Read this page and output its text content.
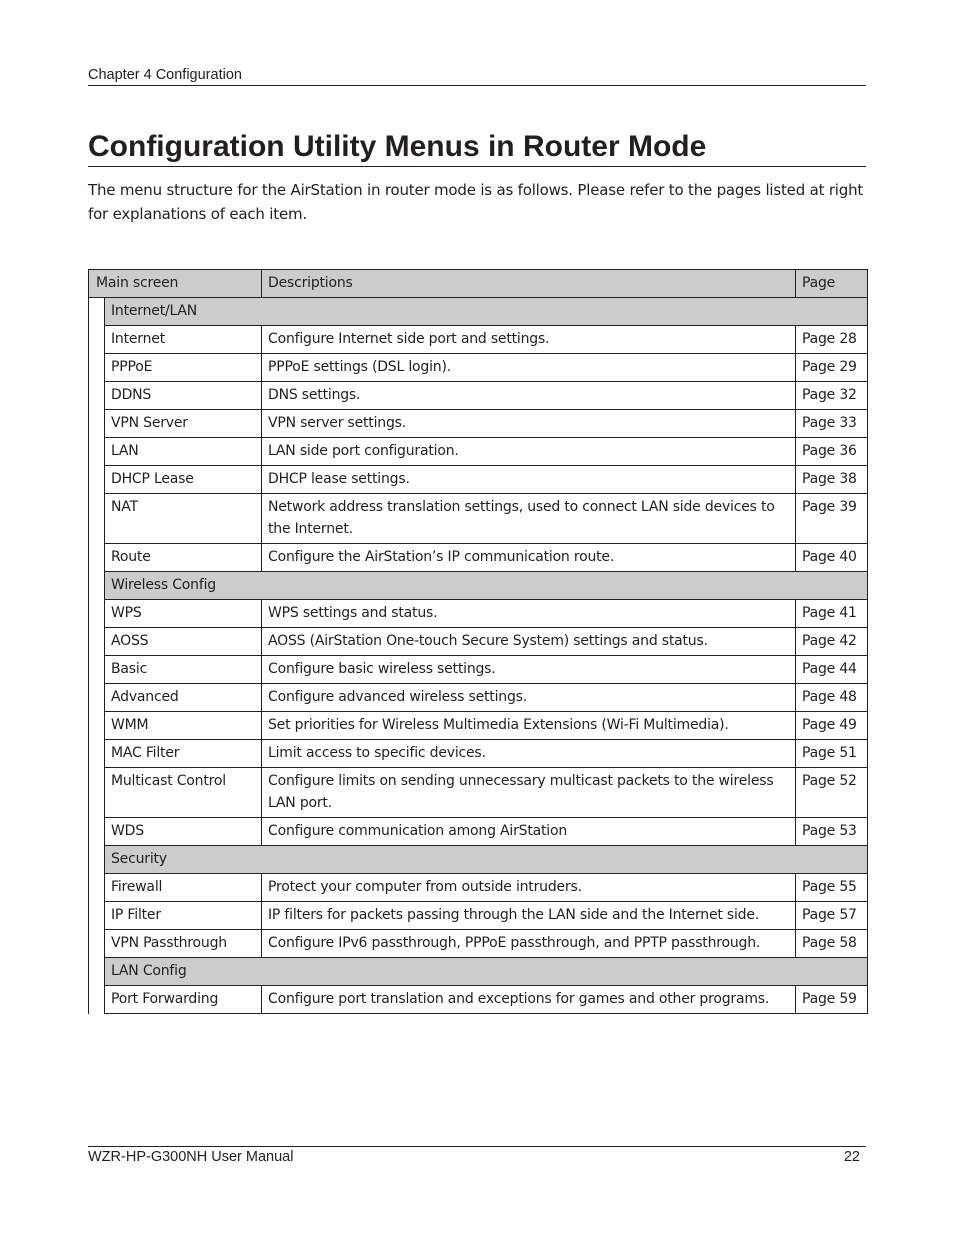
Chapter 4 Configuration
Configuration Utility Menus in Router Mode

The menu structure for the AirStation in router mode is as follows. Please refer to the pages listed at right for explanations of each item.

Main screen		Descriptions	Page
	Internet/LAN		
	Internet	Configure Internet side port and settings.	Page 28
	PPPoE	PPPoE settings (DSL login).	Page 29
	DDNS	DNS settings.	Page 32
	VPN Server	VPN server settings.	Page 33
	LAN	LAN side port configuration.	Page 36
	DHCP Lease	DHCP lease settings.	Page 38
	NAT	Network address translation settings, used to connect LAN side devices to the Internet.	Page 39
	Route	Configure the AirStation’s IP communication route.	Page 40
	Wireless Config		
	WPS	WPS settings and status.	Page 41
	AOSS	AOSS (AirStation One-touch Secure System) settings and status.	Page 42
	Basic	Configure basic wireless settings.	Page 44
	Advanced	Configure advanced wireless settings.	Page 48
	WMM	Set priorities for Wireless Multimedia Extensions (Wi-Fi Multimedia).	Page 49
	MAC Filter	Limit access to specific devices.	Page 51
	Multicast Control	Configure limits on sending unnecessary multicast packets to the wireless LAN port.	Page 52
	WDS	Configure communication among AirStation	Page 53
	Security		
	Firewall	Protect your computer from outside intruders.	Page 55
	IP Filter	IP filters for packets passing through the LAN side and the Internet side.	Page 57
	VPN Passthrough	Configure IPv6 passthrough, PPPoE passthrough, and PPTP passthrough.	Page 58
	LAN Config		
	Port Forwarding	Configure port translation and exceptions for games and other programs.	Page 59
WZR-HP-G300NH User Manual	22
